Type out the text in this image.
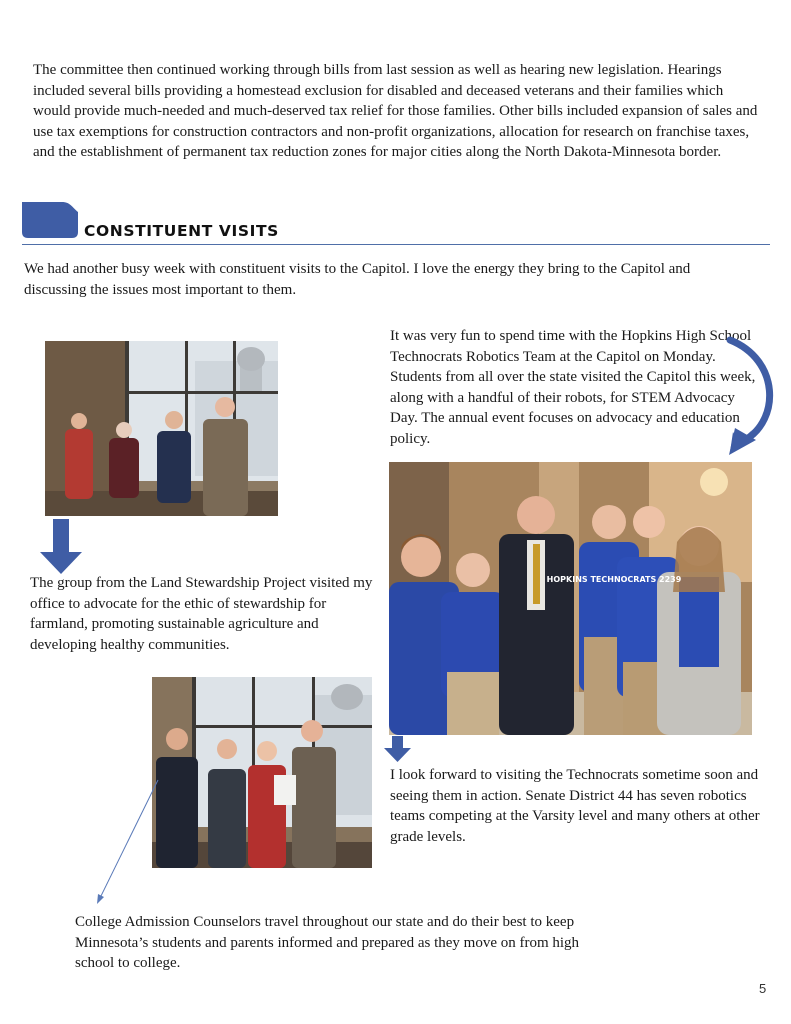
The committee then continued working through bills from last session as well as hearing new legislation. Hearings included several bills providing a homestead exclusion for disabled and deceased veterans and their families which would provide much-needed and much-deserved tax relief for those families. Other bills included expansion of sales and use tax exemptions for construction contractors and non-profit organizations, allocation for research on franchise taxes, and the establishment of permanent tax reduction zones for major cities along the North Dakota-Minnesota border.

CONSTITUENT VISITS

We had another busy week with constituent visits to the Capitol. I love the energy they bring to the Capitol and discussing the issues most important to them.

HOPKINS TECHNOCRATS 2239

It was very fun to spend time with the Hopkins High School Technocrats Robotics Team at the Capitol on Monday. Students from all over the state visited the Capitol this week, along with a handful of their robots, for STEM Advocacy Day. The annual event focuses on advocacy and education policy.

The group from the Land Stewardship Project visited my office to advocate for the ethic of stewardship for farmland, promoting sustainable agriculture and developing healthy communities.

I look forward to visiting the Technocrats sometime soon and seeing them in action. Senate District 44 has seven robotics teams competing at the Varsity level and many others at other grade levels.

College Admission Counselors travel throughout our state and do their best to keep Minnesota’s students and parents informed and prepared as they move on from high school to college.

5
